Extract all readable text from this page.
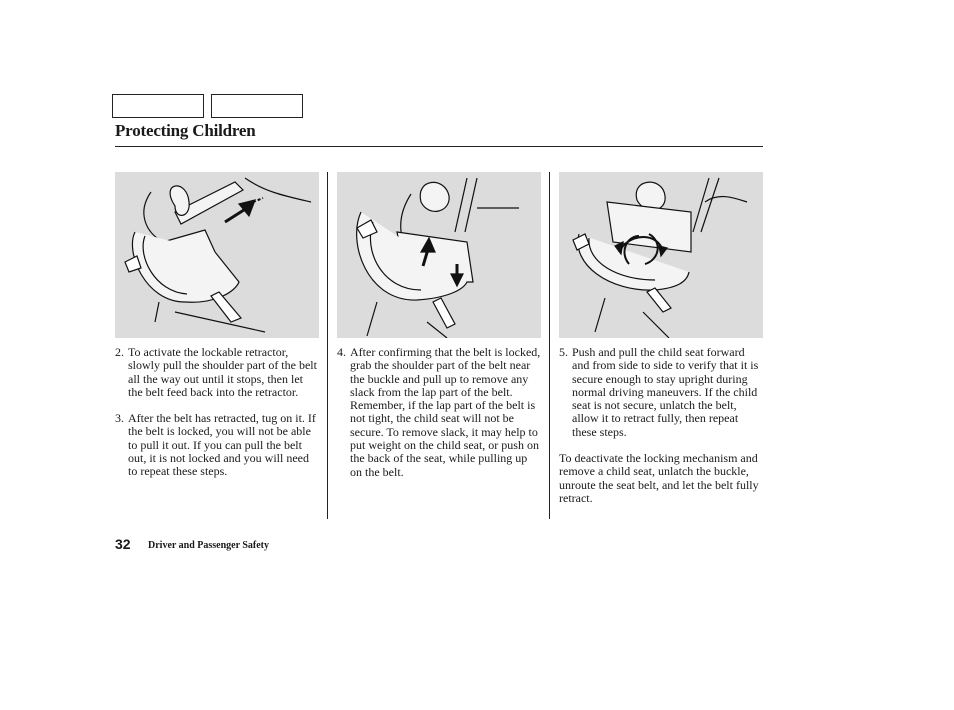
Protecting Children
2. To activate the lockable retractor, slowly pull the shoulder part of the belt all the way out until it stops, then let the belt feed back into the retractor.
3. After the belt has retracted, tug on it. If the belt is locked, you will not be able to pull it out. If you can pull the belt out, it is not locked and you will need to repeat these steps.
4. After confirming that the belt is locked, grab the shoulder part of the belt near the buckle and pull up to remove any slack from the lap part of the belt. Remember, if the lap part of the belt is not tight, the child seat will not be secure. To remove slack, it may help to put weight on the child seat, or push on the back of the seat, while pulling up on the belt.
5. Push and pull the child seat forward and from side to side to verify that it is secure enough to stay upright during normal driving maneuvers. If the child seat is not secure, unlatch the belt, allow it to retract fully, then repeat these steps.

To deactivate the locking mechanism and remove a child seat, unlatch the buckle, unroute the seat belt, and let the belt fully retract.

32 Driver and Passenger Safety
